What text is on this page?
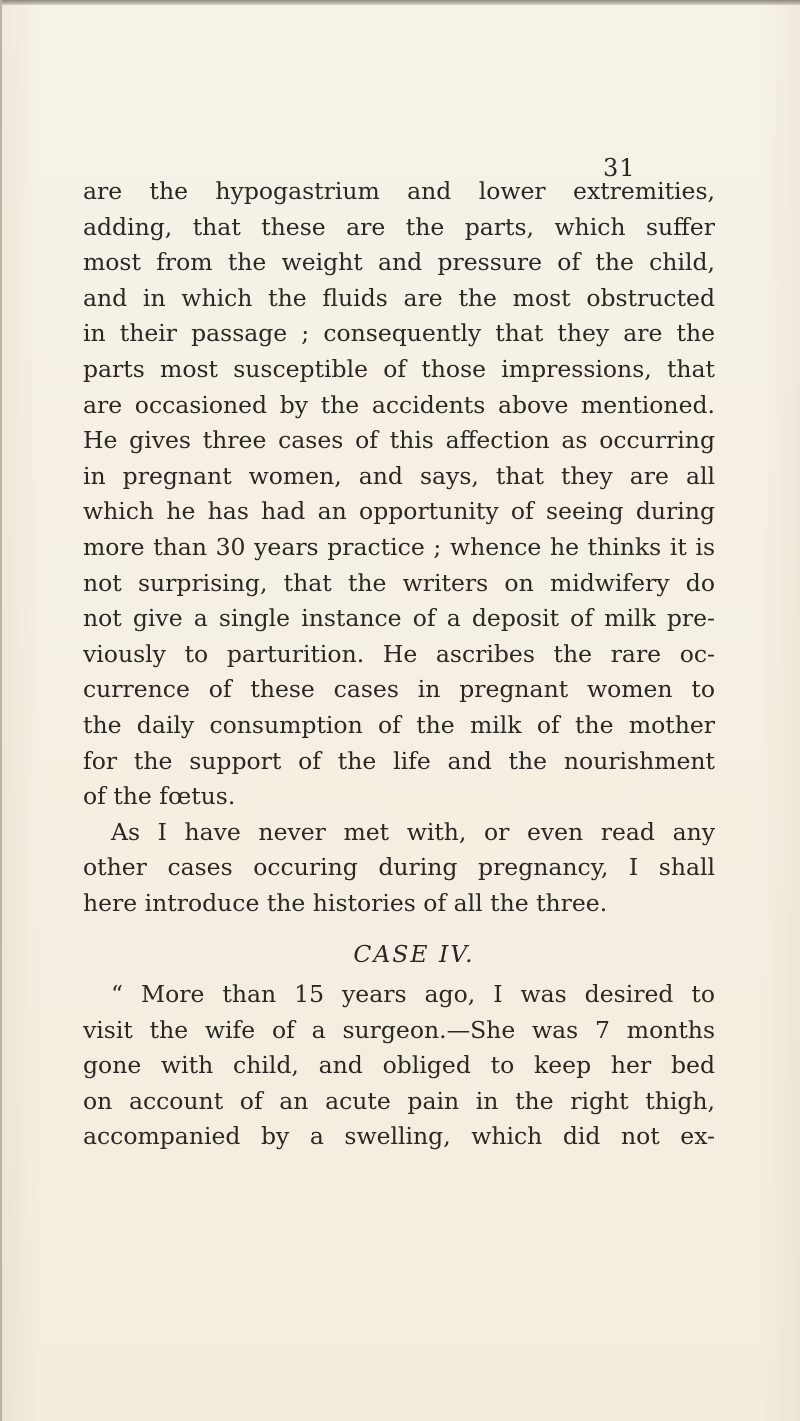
31
are the hypogastrium and lower extremities,
adding, that these are the parts, which suffer
most from the weight and pressure of the child,
and in which the fluids are the most obstructed
in their passage ; consequently that they are the
parts most susceptible of those impressions, that
are occasioned by the accidents above mentioned.
He gives three cases of this affection as occurring
in pregnant women, and says, that they are all
which he has had an opportunity of seeing during
more than 30 years practice ; whence he thinks it is
not surprising, that the writers on midwifery do
not give a single instance of a deposit of milk pre-
viously to parturition. He ascribes the rare oc-
currence of these cases in pregnant women to
the daily consumption of the milk of the mother
for the support of the life and the nourishment
of the fœtus.
As I have never met with, or even read any
other cases occuring during pregnancy, I shall
here introduce the histories of all the three.
CASE IV.
“ More than 15 years ago, I was desired to
visit the wife of a surgeon.—She was 7 months
gone with child, and obliged to keep her bed
on account of an acute pain in the right thigh,
accompanied by a swelling, which did not ex-
